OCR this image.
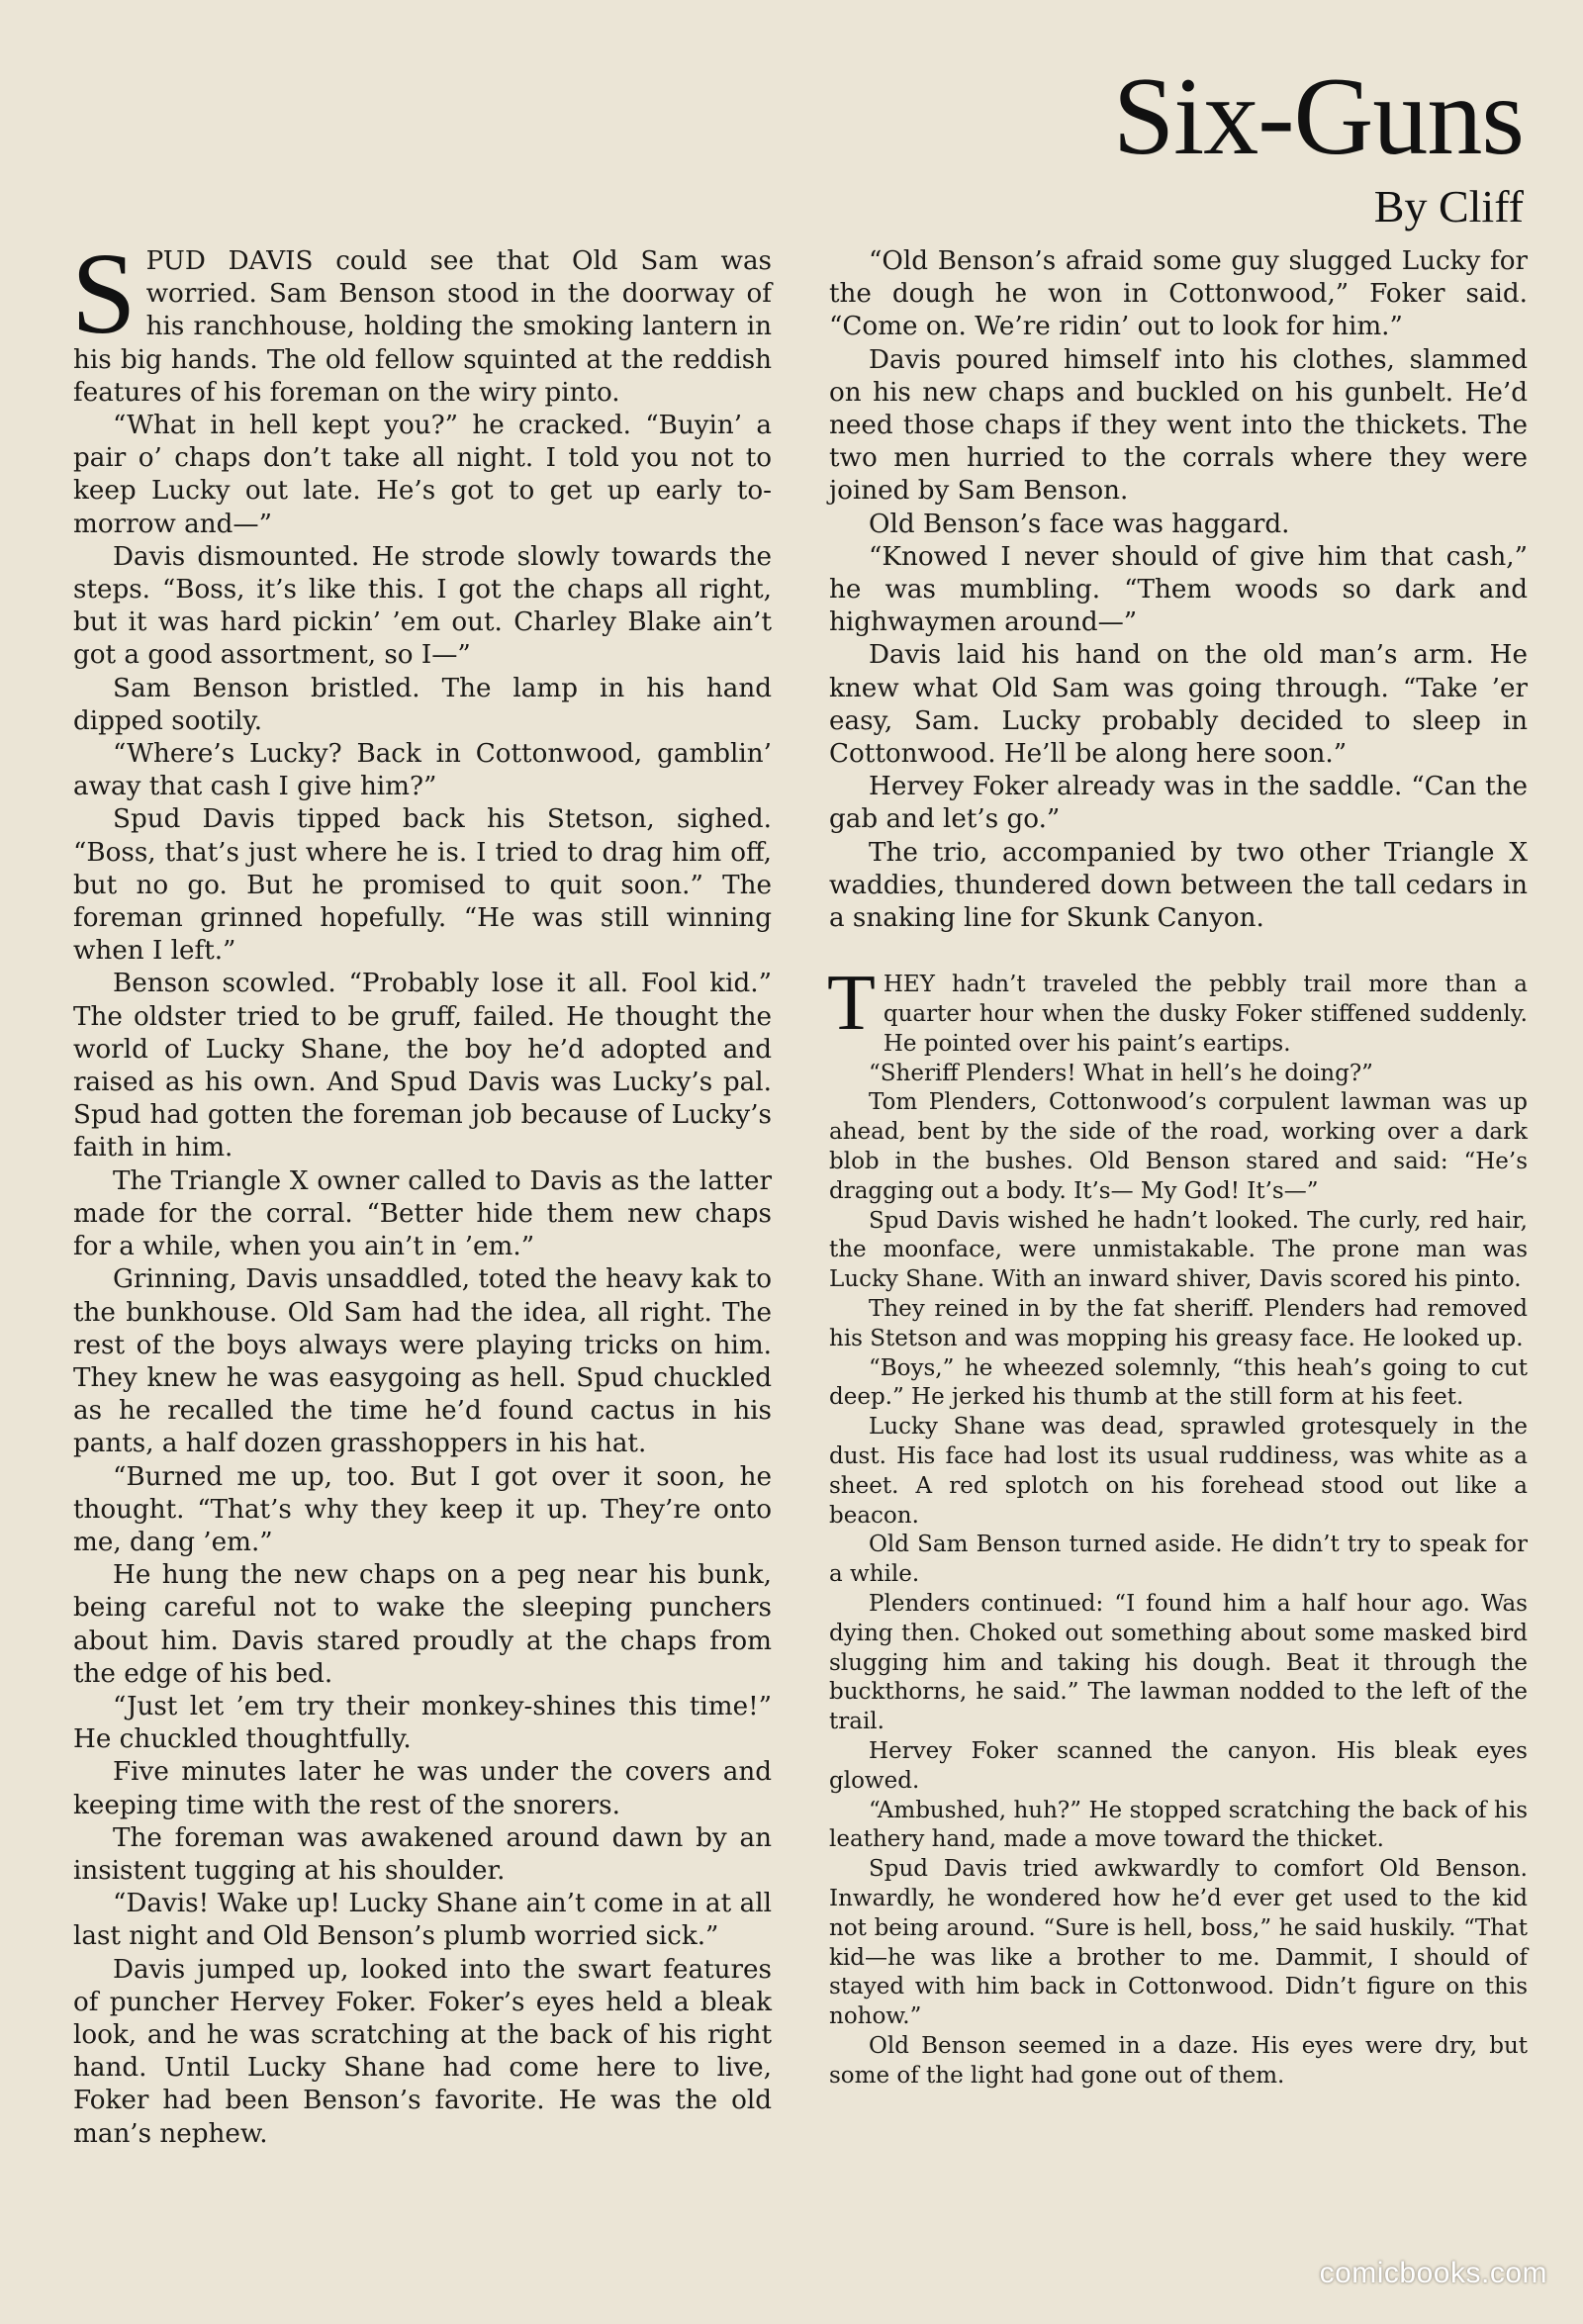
Six-Guns
By Cliff

SPUD DAVIS could see that Old Sam was worried. Sam Benson stood in the doorway of his ranchhouse, holding the smoking lantern in his big hands. The old fellow squinted at the reddish features of his foreman on the wiry pinto.

“What in hell kept you?” he cracked. “Buyin’ a pair o’ chaps don’t take all night. I told you not to keep Lucky out late. He’s got to get up early to-morrow and—”

Davis dismounted. He strode slowly towards the steps. “Boss, it’s like this. I got the chaps all right, but it was hard pickin’ ’em out. Charley Blake ain’t got a good assortment, so I—”

Sam Benson bristled. The lamp in his hand dipped sootily.

“Where’s Lucky? Back in Cottonwood, gamblin’ away that cash I give him?”

Spud Davis tipped back his Stetson, sighed. “Boss, that’s just where he is. I tried to drag him off, but no go. But he promised to quit soon.” The foreman grinned hopefully. “He was still winning when I left.”

Benson scowled. “Probably lose it all. Fool kid.” The oldster tried to be gruff, failed. He thought the world of Lucky Shane, the boy he’d adopted and raised as his own. And Spud Davis was Lucky’s pal. Spud had gotten the foreman job because of Lucky’s faith in him.

The Triangle X owner called to Davis as the latter made for the corral. “Better hide them new chaps for a while, when you ain’t in ’em.”

Grinning, Davis unsaddled, toted the heavy kak to the bunkhouse. Old Sam had the idea, all right. The rest of the boys always were playing tricks on him. They knew he was easygoing as hell. Spud chuckled as he recalled the time he’d found cactus in his pants, a half dozen grasshoppers in his hat.

“Burned me up, too. But I got over it soon, he thought. “That’s why they keep it up. They’re onto me, dang ’em.”

He hung the new chaps on a peg near his bunk, being careful not to wake the sleeping punchers about him. Davis stared proudly at the chaps from the edge of his bed.

“Just let ’em try their monkey-shines this time!” He chuckled thoughtfully.

Five minutes later he was under the covers and keeping time with the rest of the snorers.

The foreman was awakened around dawn by an insistent tugging at his shoulder.

“Davis! Wake up! Lucky Shane ain’t come in at all last night and Old Benson’s plumb worried sick.”

Davis jumped up, looked into the swart features of puncher Hervey Foker. Foker’s eyes held a bleak look, and he was scratching at the back of his right hand. Until Lucky Shane had come here to live, Foker had been Benson’s favorite. He was the old man’s nephew.

“Old Benson’s afraid some guy slugged Lucky for the dough he won in Cottonwood,” Foker said. “Come on. We’re ridin’ out to look for him.”

Davis poured himself into his clothes, slammed on his new chaps and buckled on his gunbelt. He’d need those chaps if they went into the thickets. The two men hurried to the corrals where they were joined by Sam Benson.

Old Benson’s face was haggard.

“Knowed I never should of give him that cash,” he was mumbling. “Them woods so dark and highwaymen around—”

Davis laid his hand on the old man’s arm. He knew what Old Sam was going through. “Take ’er easy, Sam. Lucky probably decided to sleep in Cottonwood. He’ll be along here soon.”

Hervey Foker already was in the saddle. “Can the gab and let’s go.”

The trio, accompanied by two other Triangle X waddies, thundered down between the tall cedars in a snaking line for Skunk Canyon.

THEY hadn’t traveled the pebbly trail more than a quarter hour when the dusky Foker stiffened suddenly. He pointed over his paint’s eartips.

“Sheriff Plenders! What in hell’s he doing?”

Tom Plenders, Cottonwood’s corpulent lawman was up ahead, bent by the side of the road, working over a dark blob in the bushes. Old Benson stared and said: “He’s dragging out a body. It’s— My God! It’s—”

Spud Davis wished he hadn’t looked. The curly, red hair, the moonface, were unmistakable. The prone man was Lucky Shane. With an inward shiver, Davis scored his pinto.

They reined in by the fat sheriff. Plenders had removed his Stetson and was mopping his greasy face. He looked up.

“Boys,” he wheezed solemnly, “this heah’s going to cut deep.” He jerked his thumb at the still form at his feet.

Lucky Shane was dead, sprawled grotesquely in the dust. His face had lost its usual ruddiness, was white as a sheet. A red splotch on his forehead stood out like a beacon.

Old Sam Benson turned aside. He didn’t try to speak for a while.

Plenders continued: “I found him a half hour ago. Was dying then. Choked out something about some masked bird slugging him and taking his dough. Beat it through the buckthorns, he said.” The lawman nodded to the left of the trail.

Hervey Foker scanned the canyon. His bleak eyes glowed.

“Ambushed, huh?” He stopped scratching the back of his leathery hand, made a move toward the thicket.

Spud Davis tried awkwardly to comfort Old Benson. Inwardly, he wondered how he’d ever get used to the kid not being around. “Sure is hell, boss,” he said huskily. “That kid—he was like a brother to me. Dammit, I should of stayed with him back in Cottonwood. Didn’t figure on this nohow.”

Old Benson seemed in a daze. His eyes were dry, but some of the light had gone out of them.

comicbooks.com
